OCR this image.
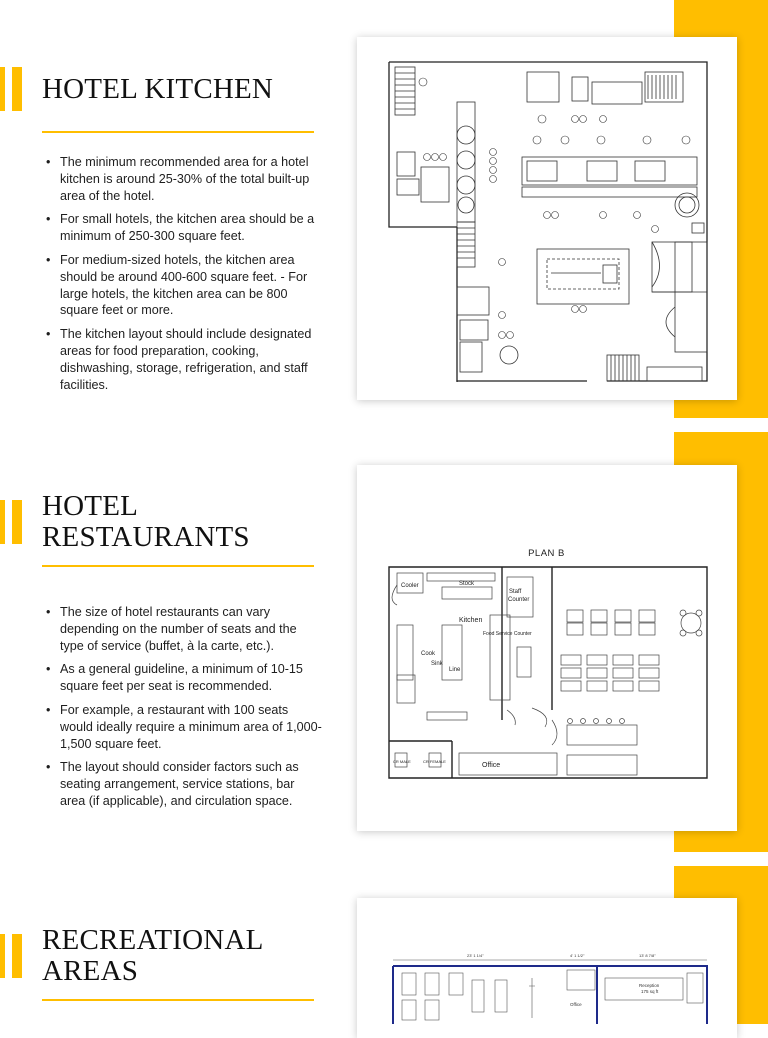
HOTEL KITCHEN
• The minimum recommended area for a hotel kitchen is around 25-30% of the total built-up area of the hotel.
• For small hotels, the kitchen area should be a minimum of 250-300 square feet.
• For medium-sized hotels, the kitchen area should be around 400-600 square feet. - For large hotels, the kitchen area can be 800 square feet or more.
• The kitchen layout should include designated areas for food preparation, cooking, dishwashing, storage, refrigeration, and staff facilities.
HOTEL RESTAURANTS
• The size of hotel restaurants can vary depending on the number of seats and the type of service (buffet, à la carte, etc.).
• As a general guideline, a minimum of 10-15 square feet per seat is recommended.
• For example, a restaurant with 100 seats would ideally require a minimum area of 1,000-1,500 square feet.
• The layout should consider factors such as seating arrangement, service stations, bar area (if applicable), and circulation space.
PLAN B
Cooler	Stock
Staff
Counter
Kitchen
Sink
Cook
Line
Food Service Counter
Office
CR MALE	CR FEMALE
RECREATIONAL AREAS	23' 1 1/4"	4' 1 1/2"	13' 8 7/8"
Office
Reception
175 sq ft
